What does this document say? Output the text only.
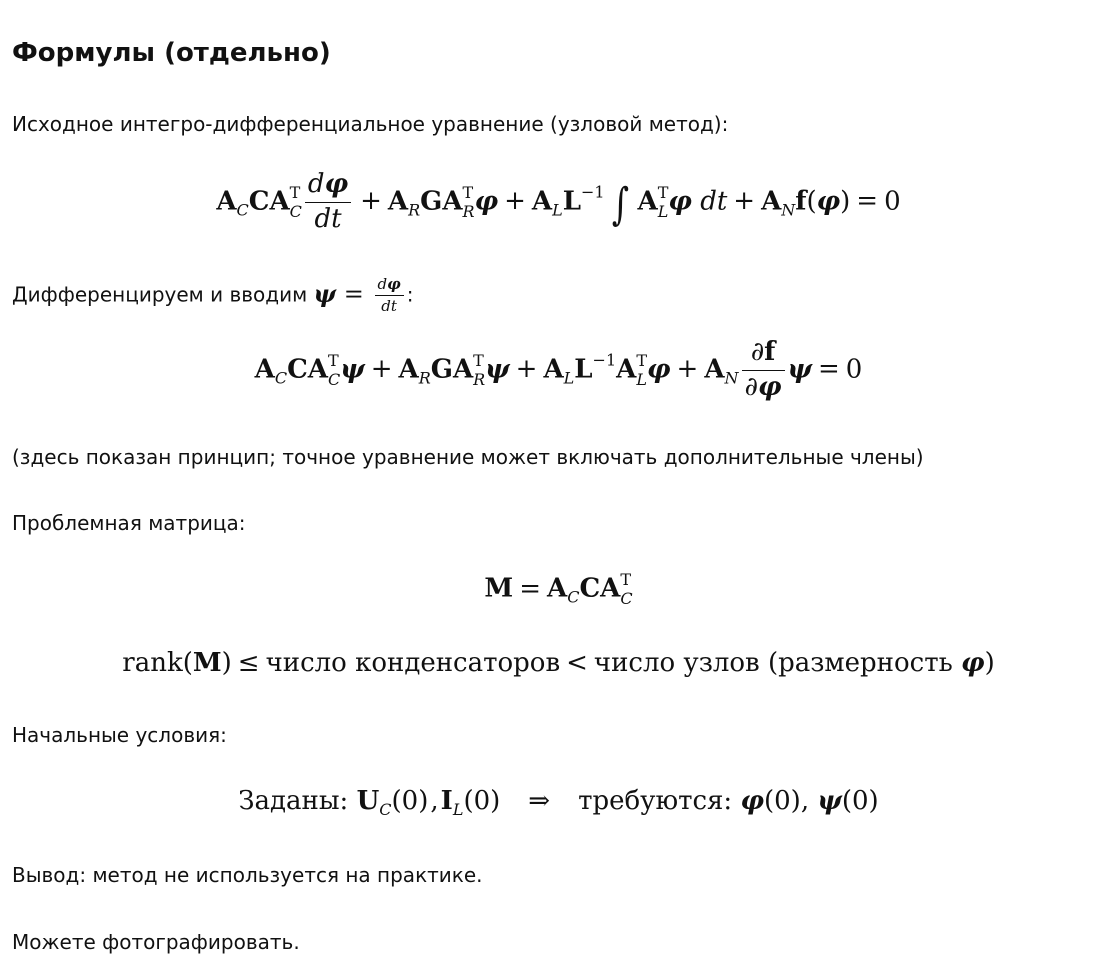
Формулы (отдельно)

Исходное интегро-дифференциальное уравнение (узловой метод):

$A_CCA$ T
C $\frac{d\varphi}{dt} + A_RGA$ T
R $\varphi + A_LL^{-1}$ ∫ A T
L φ dt + $A_Nf(\varphi) = 0$

Дифференцируем и вводим $\psi = \frac{d\varphi}{dt}$ :

$A_CCA$ T
C $\psi + A_RGA$ T
R $\psi + A_LL^{-1}A$ T
L $\varphi + A_N \frac{\partial f}{\partial\varphi}$ ψ = 0

(здесь показан принцип; точное уравнение может включать дополнительные члены)

Проблемная матрица:

$M = A_CCA$ T
C
rank(M) ≤ число конденсаторов < число узлов (размерность φ)

Начальные условия:

Заданы: $U_C(0),I_L(0)$ ⇒ требуются: φ(0), ψ(0)

Вывод: метод не используется на практике.

Можете фотографировать.
